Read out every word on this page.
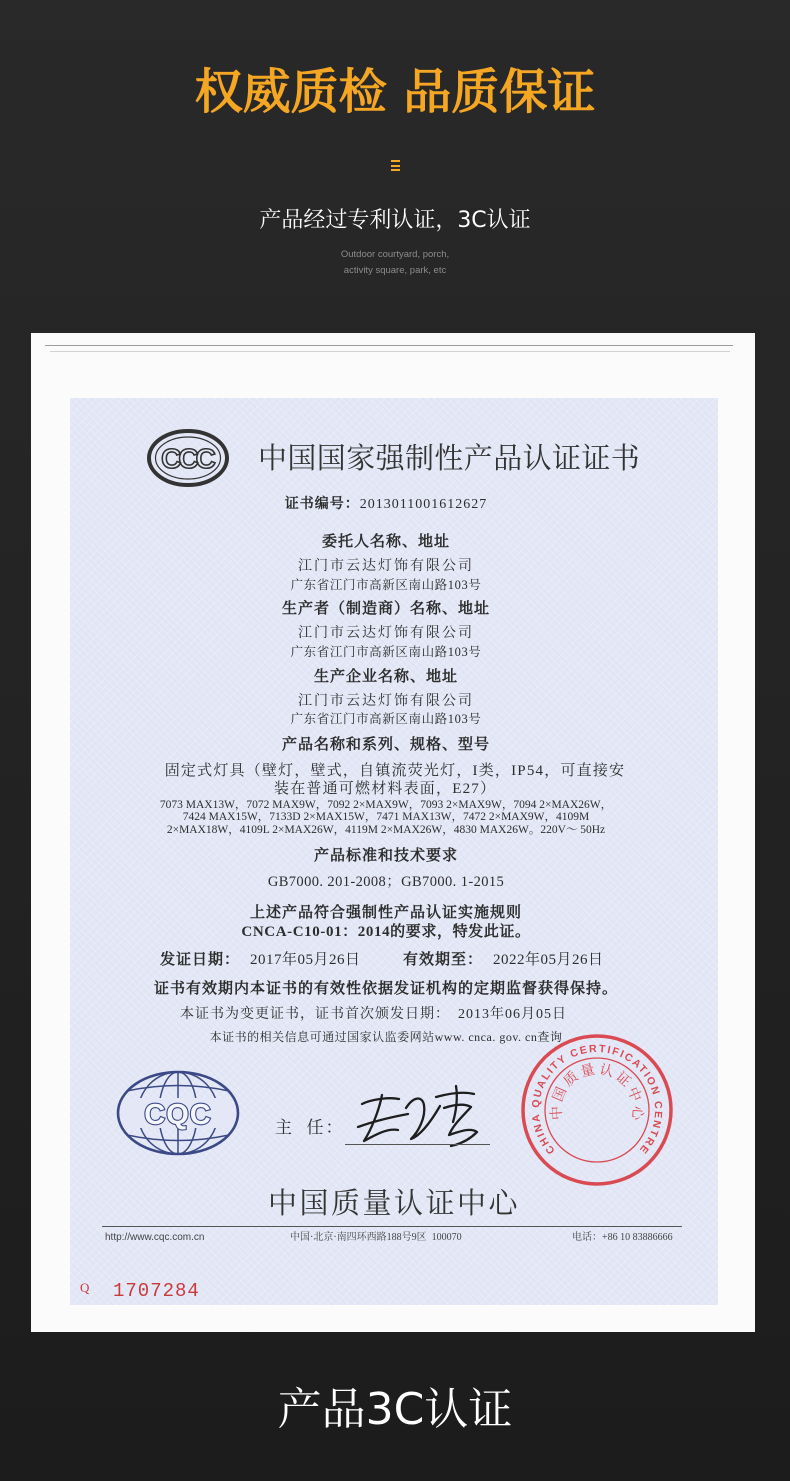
权威质检 品质保证
产品经过专利认证，3C认证
Outdoor courtyard, porch,
activity square, park, etc
CCC 中国国家强制性产品认证证书
证书编号：2013011001612627
委托人名称、地址
江门市云达灯饰有限公司
广东省江门市高新区南山路103号
生产者（制造商）名称、地址
江门市云达灯饰有限公司
广东省江门市高新区南山路103号
生产企业名称、地址
江门市云达灯饰有限公司
广东省江门市高新区南山路103号
产品名称和系列、规格、型号
固定式灯具（壁灯，壁式，自镇流荧光灯，I类，IP54，可直接安
装在普通可燃材料表面，E27）
7073 MAX13W，7072 MAX9W，7092 2×MAX9W，7093 2×MAX9W，7094 2×MAX26W，
7424 MAX15W，7133D 2×MAX15W，7471 MAX13W，7472 2×MAX9W，4109M
2×MAX18W，4109L 2×MAX26W，4119M 2×MAX26W，4830 MAX26W。220V～ 50Hz
产品标准和技术要求
GB7000. 201-2008；GB7000. 1-2015
上述产品符合强制性产品认证实施规则
CNCA-C10-01：2014的要求，特发此证。
发证日期： 2017年05月26日	有效期至： 2022年05月26日
证书有效期内本证书的有效性依据发证机构的定期监督获得保持。
本证书为变更证书，证书首次颁发日期： 2013年06月05日
本证书的相关信息可通过国家认监委网站www. cnca. gov. cn查询
CQC	主  任：
CHINA QUALITY CERTIFICATION CENTRE
中国质量认证中心
中国质量认证中心
http://www.cqc.com.cn	中国·北京·南四环西路188号9区  100070	电话：+86 10 83886666
Q 1707284
产品3C认证
